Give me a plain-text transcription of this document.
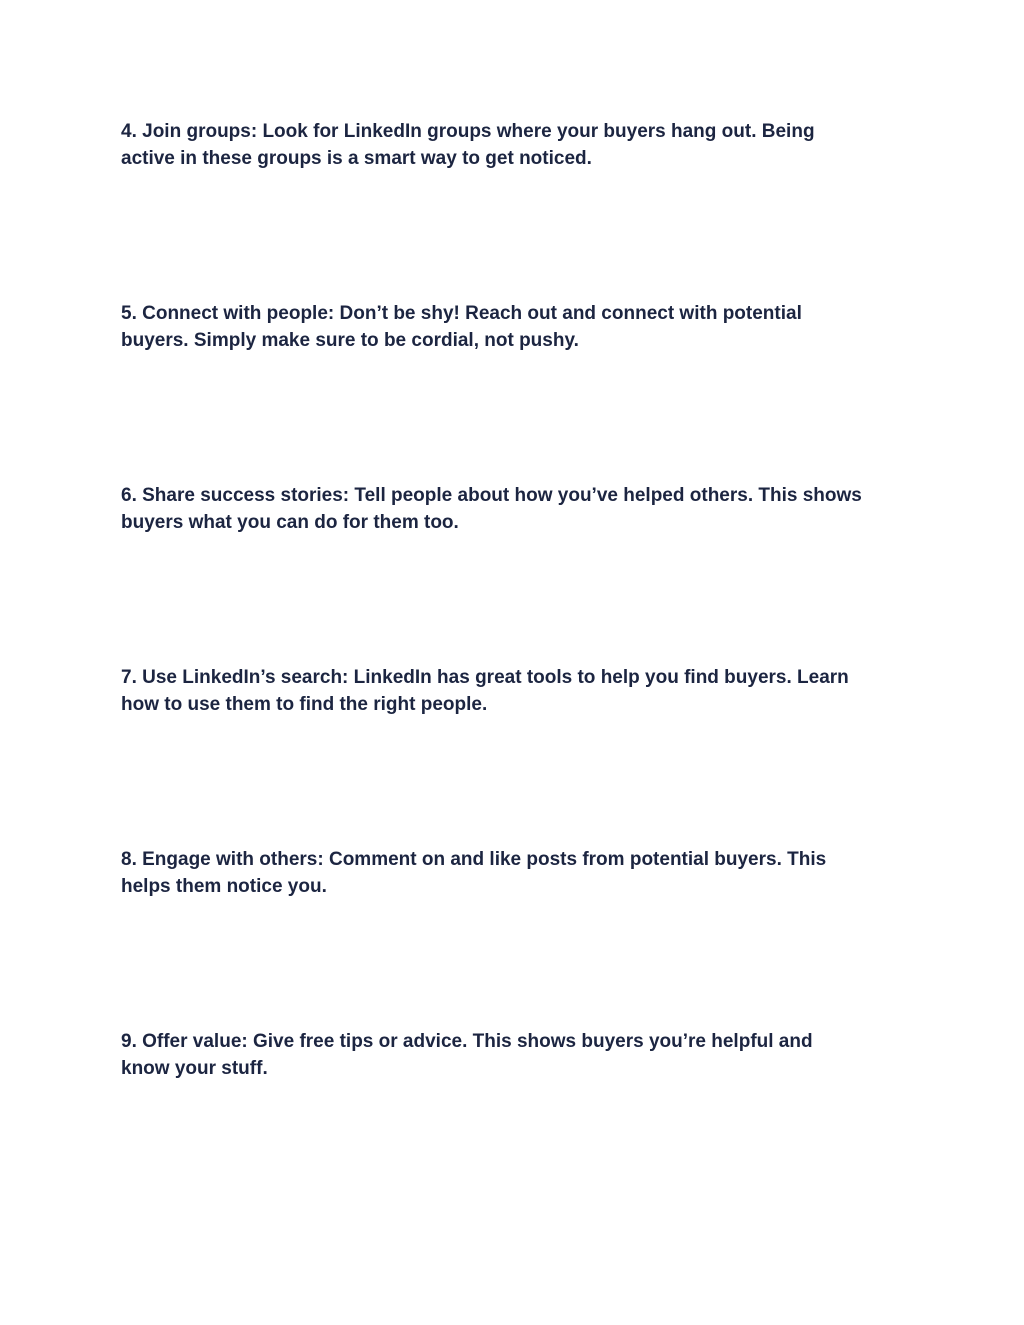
4. Join groups: Look for LinkedIn groups where your buyers hang out. Being
active in these groups is a smart way to get noticed.

5. Connect with people: Don’t be shy! Reach out and connect with potential
buyers. Simply make sure to be cordial, not pushy.

6. Share success stories: Tell people about how you’ve helped others. This shows
buyers what you can do for them too.

7. Use LinkedIn’s search: LinkedIn has great tools to help you find buyers. Learn
how to use them to find the right people.

8. Engage with others: Comment on and like posts from potential buyers. This
helps them notice you.

9. Offer value: Give free tips or advice. This shows buyers you’re helpful and
know your stuff.
